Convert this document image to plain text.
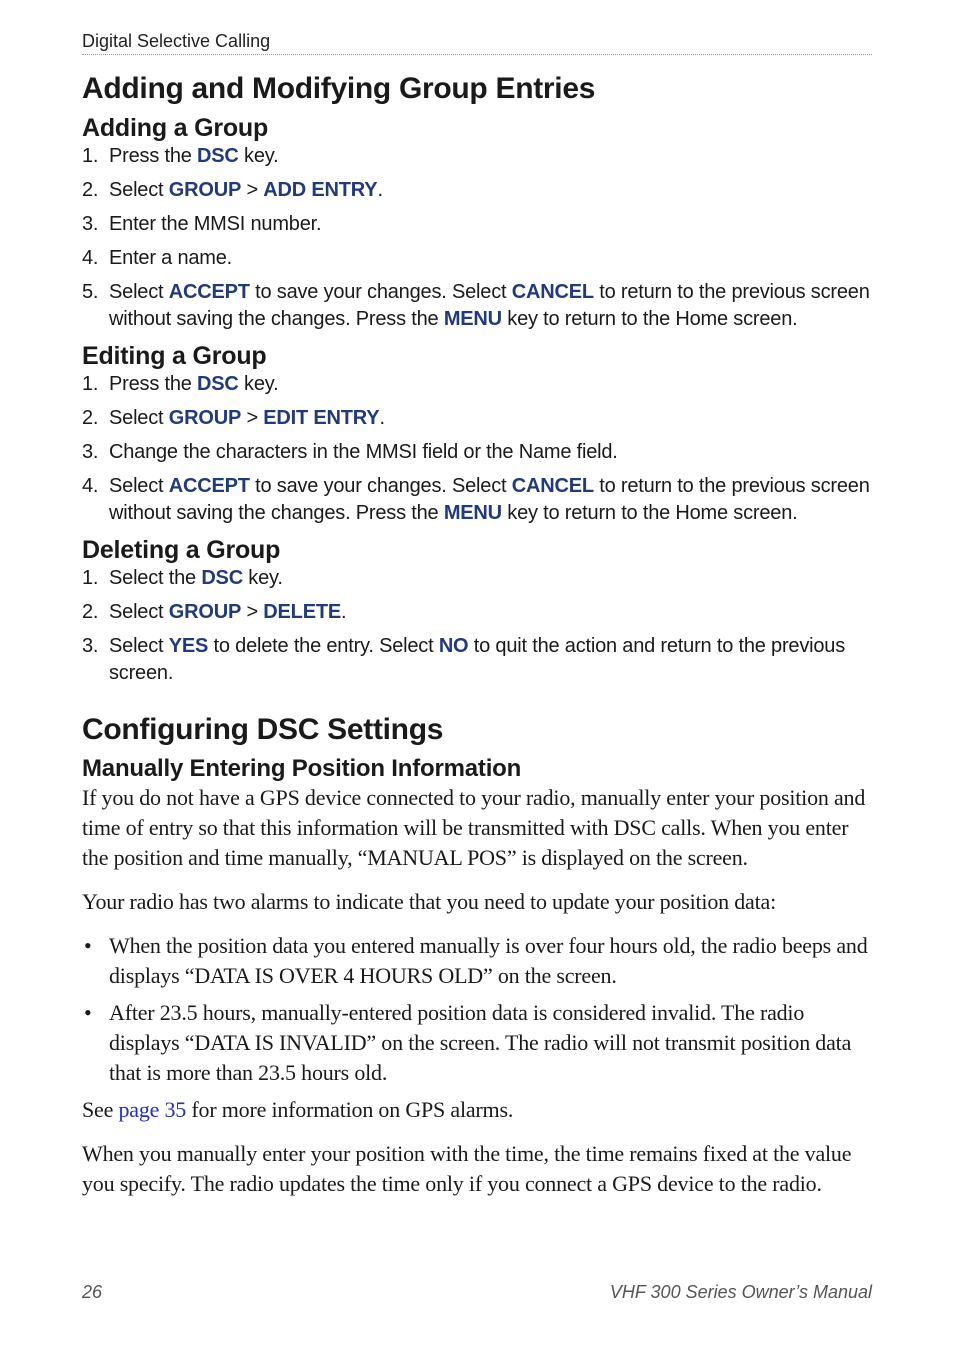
Digital Selective Calling
Adding and Modifying Group Entries
Adding a Group
1. Press the DSC key.
2. Select GROUP > ADD ENTRY.
3. Enter the MMSI number.
4. Enter a name.
5. Select ACCEPT to save your changes. Select CANCEL to return to the previous screen without saving the changes. Press the MENU key to return to the Home screen.
Editing a Group
1. Press the DSC key.
2. Select GROUP > EDIT ENTRY.
3. Change the characters in the MMSI field or the Name field.
4. Select ACCEPT to save your changes. Select CANCEL to return to the previous screen without saving the changes. Press the MENU key to return to the Home screen.
Deleting a Group
1. Select the DSC key.
2. Select GROUP > DELETE.
3. Select YES to delete the entry. Select NO to quit the action and return to the previous screen.
Configuring DSC Settings
Manually Entering Position Information

If you do not have a GPS device connected to your radio, manually enter your position and time of entry so that this information will be transmitted with DSC calls. When you enter the position and time manually, “MANUAL POS” is displayed on the screen.

Your radio has two alarms to indicate that you need to update your position data:

• When the position data you entered manually is over four hours old, the radio beeps and displays “DATA IS OVER 4 HOURS OLD” on the screen.
• After 23.5 hours, manually-entered position data is considered invalid. The radio displays “DATA IS INVALID” on the screen. The radio will not transmit position data that is more than 23.5 hours old.

See page 35 for more information on GPS alarms.

When you manually enter your position with the time, the time remains fixed at the value you specify. The radio updates the time only if you connect a GPS device to the radio.

26	VHF 300 Series Owner’s Manual
